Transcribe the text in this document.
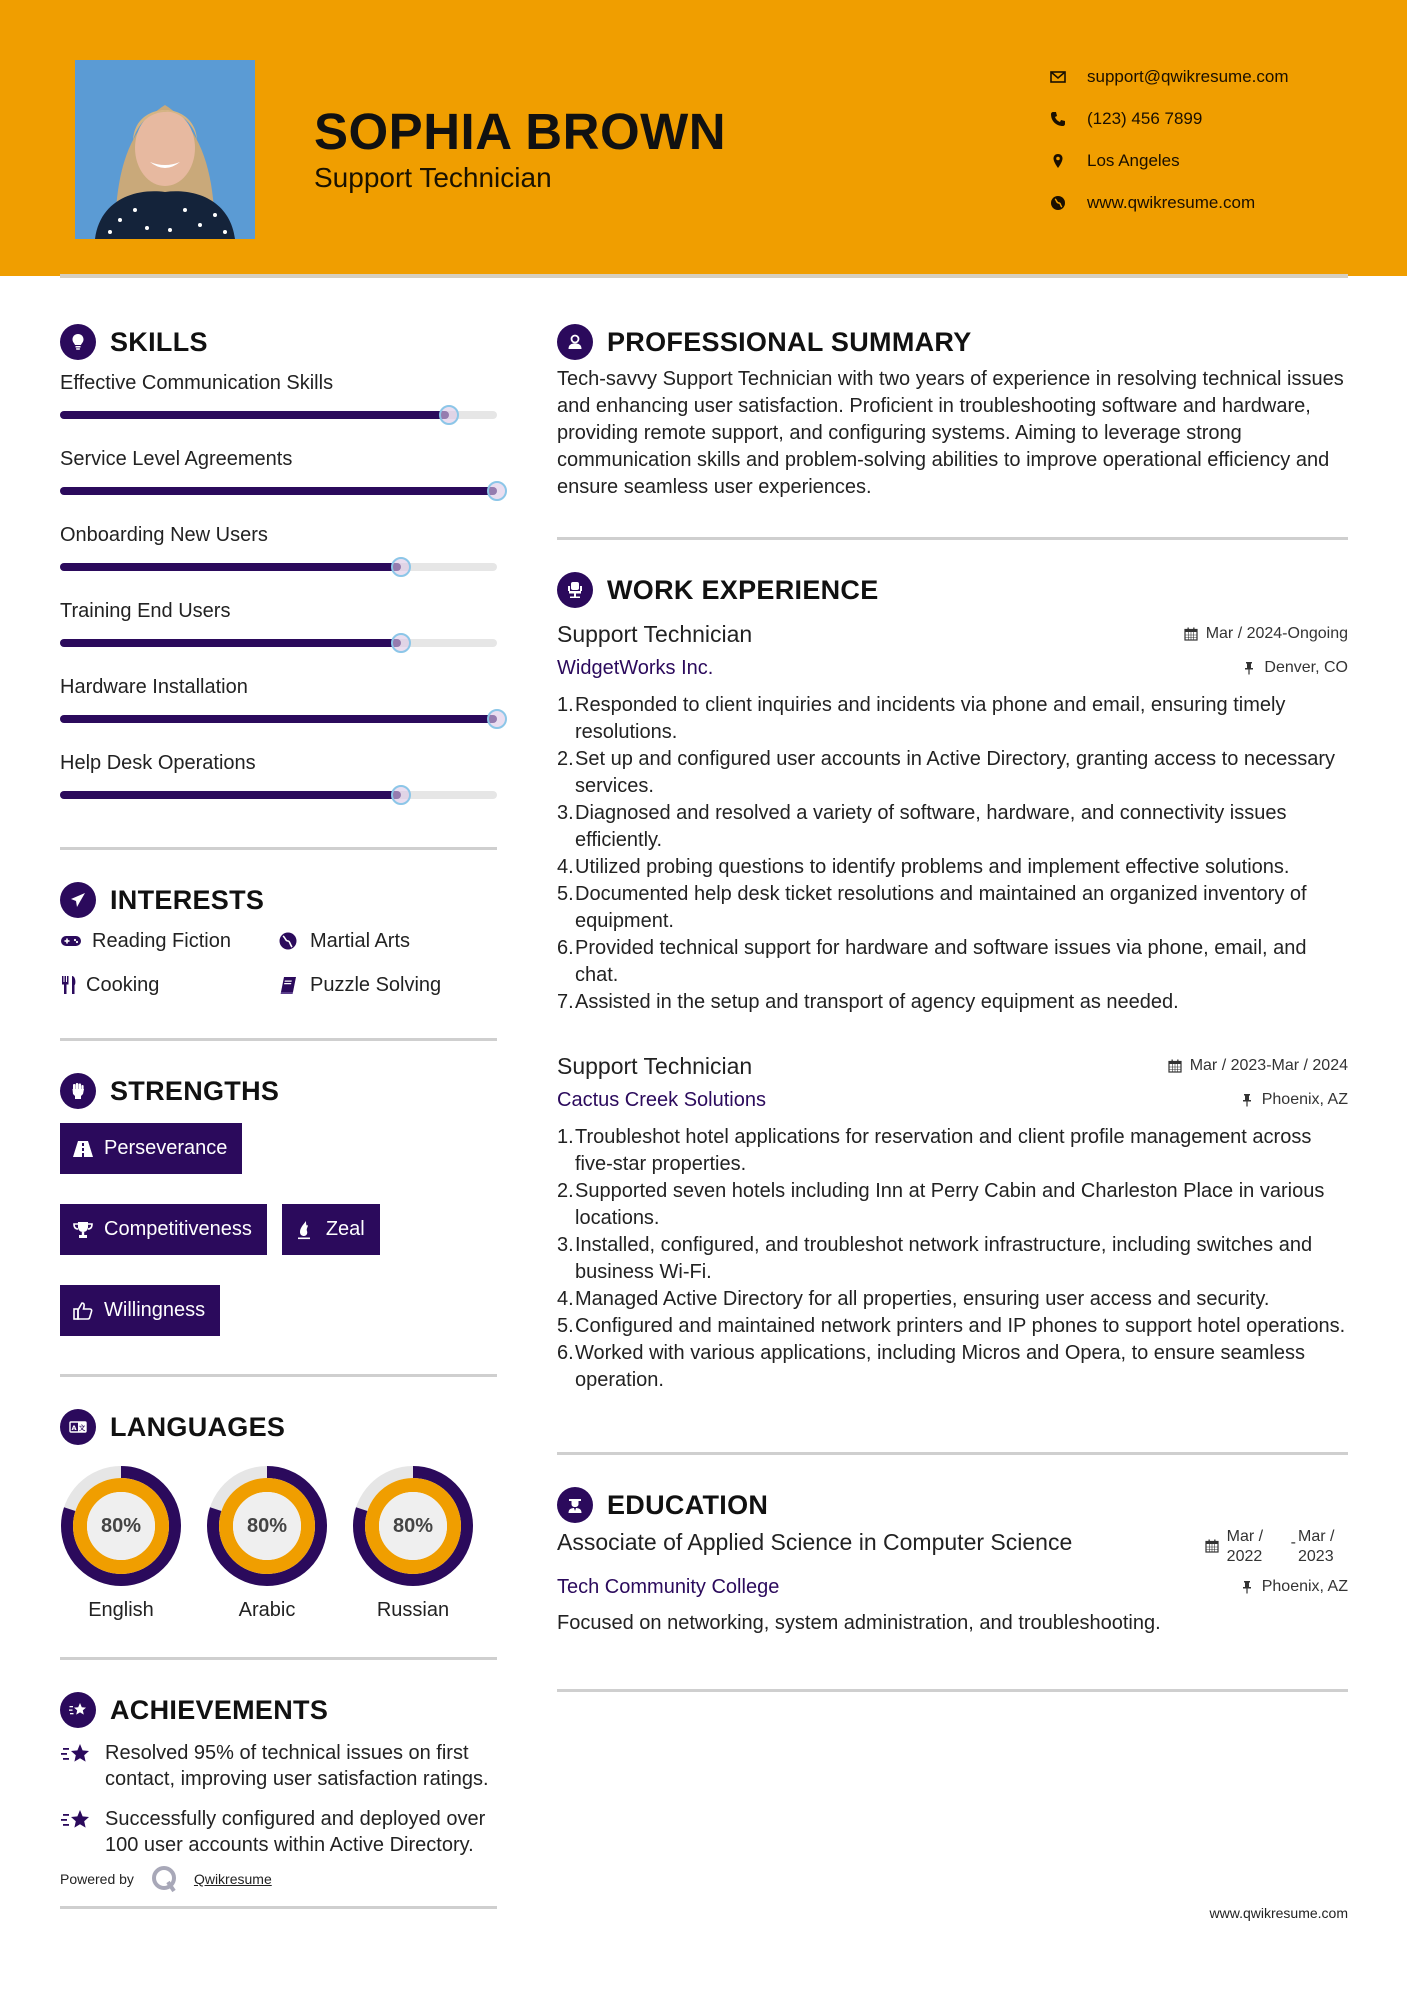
SOPHIA BROWN
Support Technician
support@qwikresume.com
(123) 456 7899
Los Angeles
www.qwikresume.com
SKILLS
Effective Communication Skills
Service Level Agreements
Onboarding New Users
Training End Users
Hardware Installation
Help Desk Operations
INTERESTS
Reading Fiction	Martial Arts
Cooking	Puzzle Solving
STRENGTHS
Perseverance
Competitiveness	Zeal
Willingness
A 文 LANGUAGES
80%
English
80%
Arabic
80%
Russian
ACHIEVEMENTS
Resolved 95% of technical issues on first contact, improving user satisfaction ratings.
Successfully configured and deployed over 100 user accounts within Active Directory.
Powered by	Qwikresume
PROFESSIONAL SUMMARY

Tech-savvy Support Technician with two years of experience in resolving technical issues and enhancing user satisfaction. Proficient in troubleshooting software and hardware, providing remote support, and configuring systems. Aiming to leverage strong communication skills and problem-solving abilities to improve operational efficiency and ensure seamless user experiences.

WORK EXPERIENCE
Support Technician	Mar / 2024-Ongoing
WidgetWorks Inc.	Denver, CO
1. Responded to client inquiries and incidents via phone and email, ensuring timely resolutions.
2. Set up and configured user accounts in Active Directory, granting access to necessary services.
3. Diagnosed and resolved a variety of software, hardware, and connectivity issues efficiently.
4. Utilized probing questions to identify problems and implement effective solutions.
5. Documented help desk ticket resolutions and maintained an organized inventory of equipment.
6. Provided technical support for hardware and software issues via phone, email, and chat.
7. Assisted in the setup and transport of agency equipment as needed.
Support Technician	Mar / 2023-Mar / 2024
Cactus Creek Solutions	Phoenix, AZ
1. Troubleshot hotel applications for reservation and client profile management across five-star properties.
2. Supported seven hotels including Inn at Perry Cabin and Charleston Place in various locations.
3. Installed, configured, and troubleshot network infrastructure, including switches and business Wi-Fi.
4. Managed Active Directory for all properties, ensuring user access and security.
5. Configured and maintained network printers and IP phones to support hotel operations.
6. Worked with various applications, including Micros and Opera, to ensure seamless operation.
EDUCATION
Associate of Applied Science in Computer Science	Mar / 2022
- Mar / 2023
Tech Community College	Phoenix, AZ

Focused on networking, system administration, and troubleshooting.

www.qwikresume.com
